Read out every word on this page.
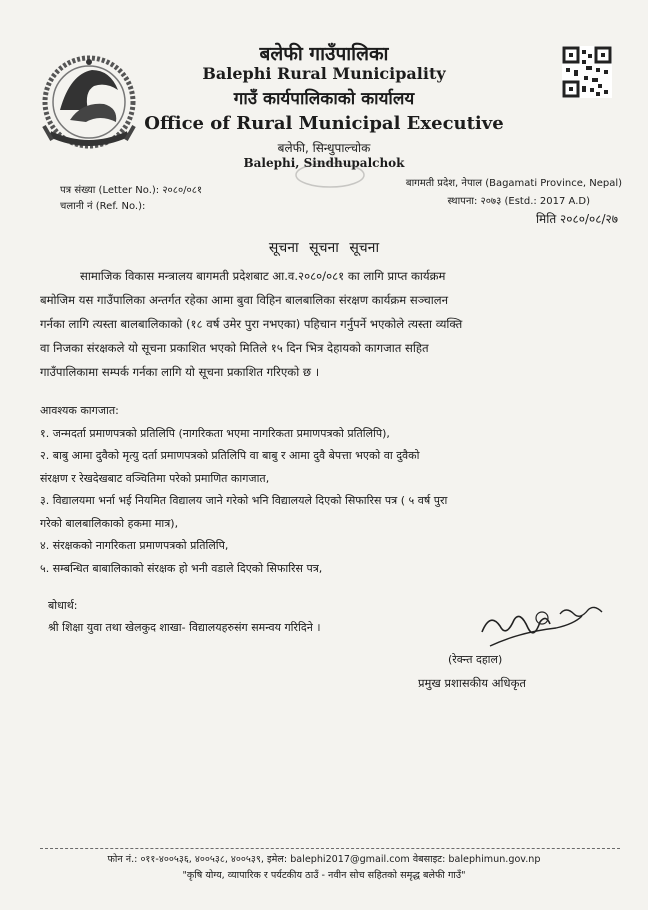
बलेफी गाउँपालिका
Balephi Rural Municipality
गाउँ कार्यपालिकाको कार्यालय
Office of Rural Municipal Executive
बलेफी, सिन्धुपाल्चोक
Balephi, Sindhupalchok
पत्र संख्या (Letter No.): २०८०/०८१
चलानी नं (Ref. No.):
बागमती प्रदेश, नेपाल (Bagamati Province, Nepal)
स्थापना: २०७३ (Estd.: 2017 A.D)
मिति २०८०/०८/२७
सूचना सूचना सूचना
सामाजिक विकास मन्त्रालय बागमती प्रदेशबाट आ.व.२०८०/०८१ का लागि प्राप्त कार्यक्रम
बमोजिम यस गाउँपालिका अन्तर्गत रहेका आमा बुवा विहिन बालबालिका संरक्षण कार्यक्रम सञ्चालन
गर्नका लागि त्यस्ता बालबालिकाको (१८ वर्ष उमेर पुरा नभएका) पहिचान गर्नुपर्ने भएकोले त्यस्ता व्यक्ति
वा निजका संरक्षकले यो सूचना प्रकाशित भएको मितिले १५ दिन भित्र देहायको कागजात सहित
गाउँपालिकामा सम्पर्क गर्नका लागि यो सूचना प्रकाशित गरिएको छ ।
आवश्यक कागजात:
१. जन्मदर्ता प्रमाणपत्रको प्रतिलिपि (नागरिकता भएमा नागरिकता प्रमाणपत्रको प्रतिलिपि),
२. बाबु आमा दुवैको मृत्यु दर्ता प्रमाणपत्रको प्रतिलिपि वा बाबु र आमा दुवै बेपत्ता भएको वा दुवैको
संरक्षण र रेखदेखबाट वञ्चितिमा परेको प्रमाणित कागजात,
३. विद्यालयमा भर्ना भई नियमित विद्यालय जाने गरेको भनि विद्यालयले दिएको सिफारिस पत्र ( ५ वर्ष पुरा
गरेको बालबालिकाको हकमा मात्र),
४. संरक्षकको नागरिकता प्रमाणपत्रको प्रतिलिपि,
५. सम्बन्धित बाबालिकाको संरक्षक हो भनी वडाले दिएको सिफारिस पत्र,
बोधार्थ:
श्री शिक्षा युवा तथा खेलकुद शाखा- विद्यालयहरुसंग समन्वय गरिदिने ।
(रेक्न्त दहाल)
प्रमुख प्रशासकीय अधिकृत
फोन नं.: ०११-४००५३६, ४००५३८, ४००५३९, इमेल: balephi2017@gmail.com वेबसाइट: balephimun.gov.np
"कृषि योग्य, व्यापारिक र पर्यटकीय ठाउँ - नवीन सोच सहितको समृद्ध बलेफी गाउँ"
